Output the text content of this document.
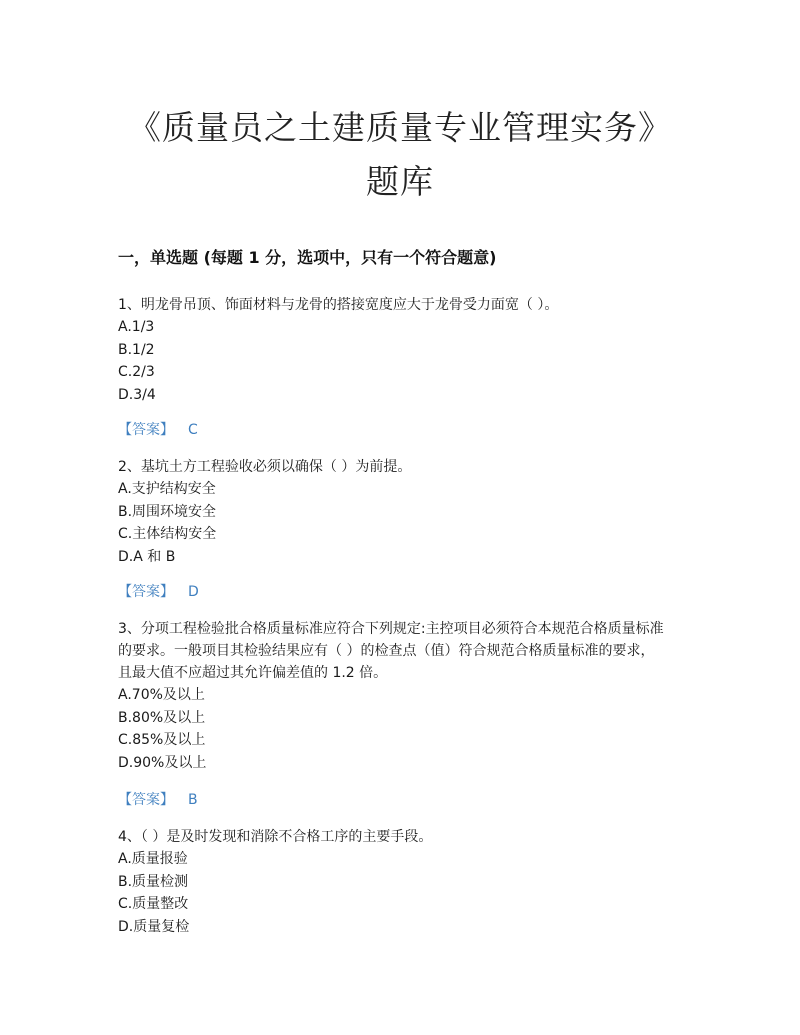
《质量员之土建质量专业管理实务》
题库
一，单选题 (每题 1 分，选项中，只有一个符合题意)

1、明龙骨吊顶、饰面材料与龙骨的搭接宽度应大于龙骨受力面宽（ ）。

A.1/3

B.1/2

C.2/3

D.3/4

【答案】 C

2、基坑土方工程验收必须以确保（ ）为前提。

A.支护结构安全

B.周围环境安全

C.主体结构安全

D.A 和 B

【答案】 D

3、分项工程检验批合格质量标准应符合下列规定:主控项目必须符合本规范合格质量标准

的要求。一般项目其检验结果应有（ ）的检查点（值）符合规范合格质量标准的要求，

且最大值不应超过其允许偏差值的 1.2 倍。

A.70%及以上

B.80%及以上

C.85%及以上

D.90%及以上

【答案】 B

4、（ ）是及时发现和消除不合格工序的主要手段。

A.质量报验

B.质量检测

C.质量整改

D.质量复检
